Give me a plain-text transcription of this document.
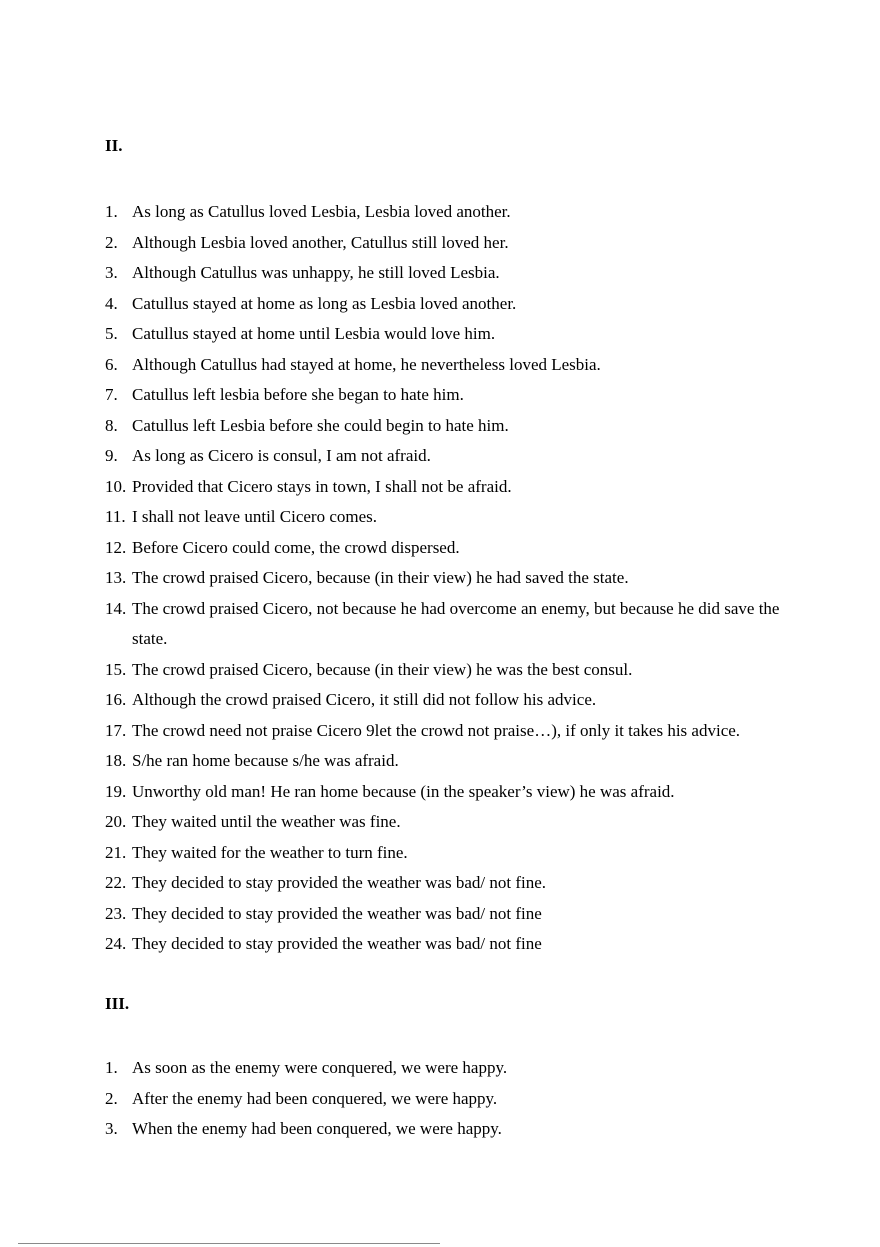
II.
1. As long as Catullus loved Lesbia, Lesbia loved another.
2. Although Lesbia loved another, Catullus still loved her.
3. Although Catullus was unhappy, he still loved Lesbia.
4. Catullus stayed at home as long as Lesbia loved another.
5. Catullus stayed at home until Lesbia would love him.
6. Although Catullus had stayed at home, he nevertheless loved Lesbia.
7. Catullus left lesbia before she began to hate him.
8. Catullus left Lesbia before she could begin to hate him.
9. As long as Cicero is consul, I am not afraid.
10. Provided that Cicero stays in town, I shall not be afraid.
11. I shall not leave until Cicero comes.
12. Before Cicero could come, the crowd dispersed.
13. The crowd praised Cicero, because (in their view) he had saved the state.
14. The crowd praised Cicero, not because he had overcome an enemy, but because he did save the state.
15. The crowd praised Cicero, because (in their view) he was the best consul.
16. Although the crowd praised Cicero, it still did not follow his advice.
17. The crowd need not praise Cicero 9let the crowd not praise…), if only it takes his advice.
18. S/he ran home because s/he was afraid.
19. Unworthy old man! He ran home because (in the speaker’s view) he was afraid.
20. They waited until the weather was fine.
21. They waited for the weather to turn fine.
22. They decided to stay provided the weather was bad/ not fine.
23. They decided to stay provided the weather was bad/ not fine
24. They decided to stay provided the weather was bad/ not fine
III.
1. As soon as the enemy were conquered, we were happy.
2. After the enemy had been conquered, we were happy.
3. When the enemy had been conquered, we were happy.
